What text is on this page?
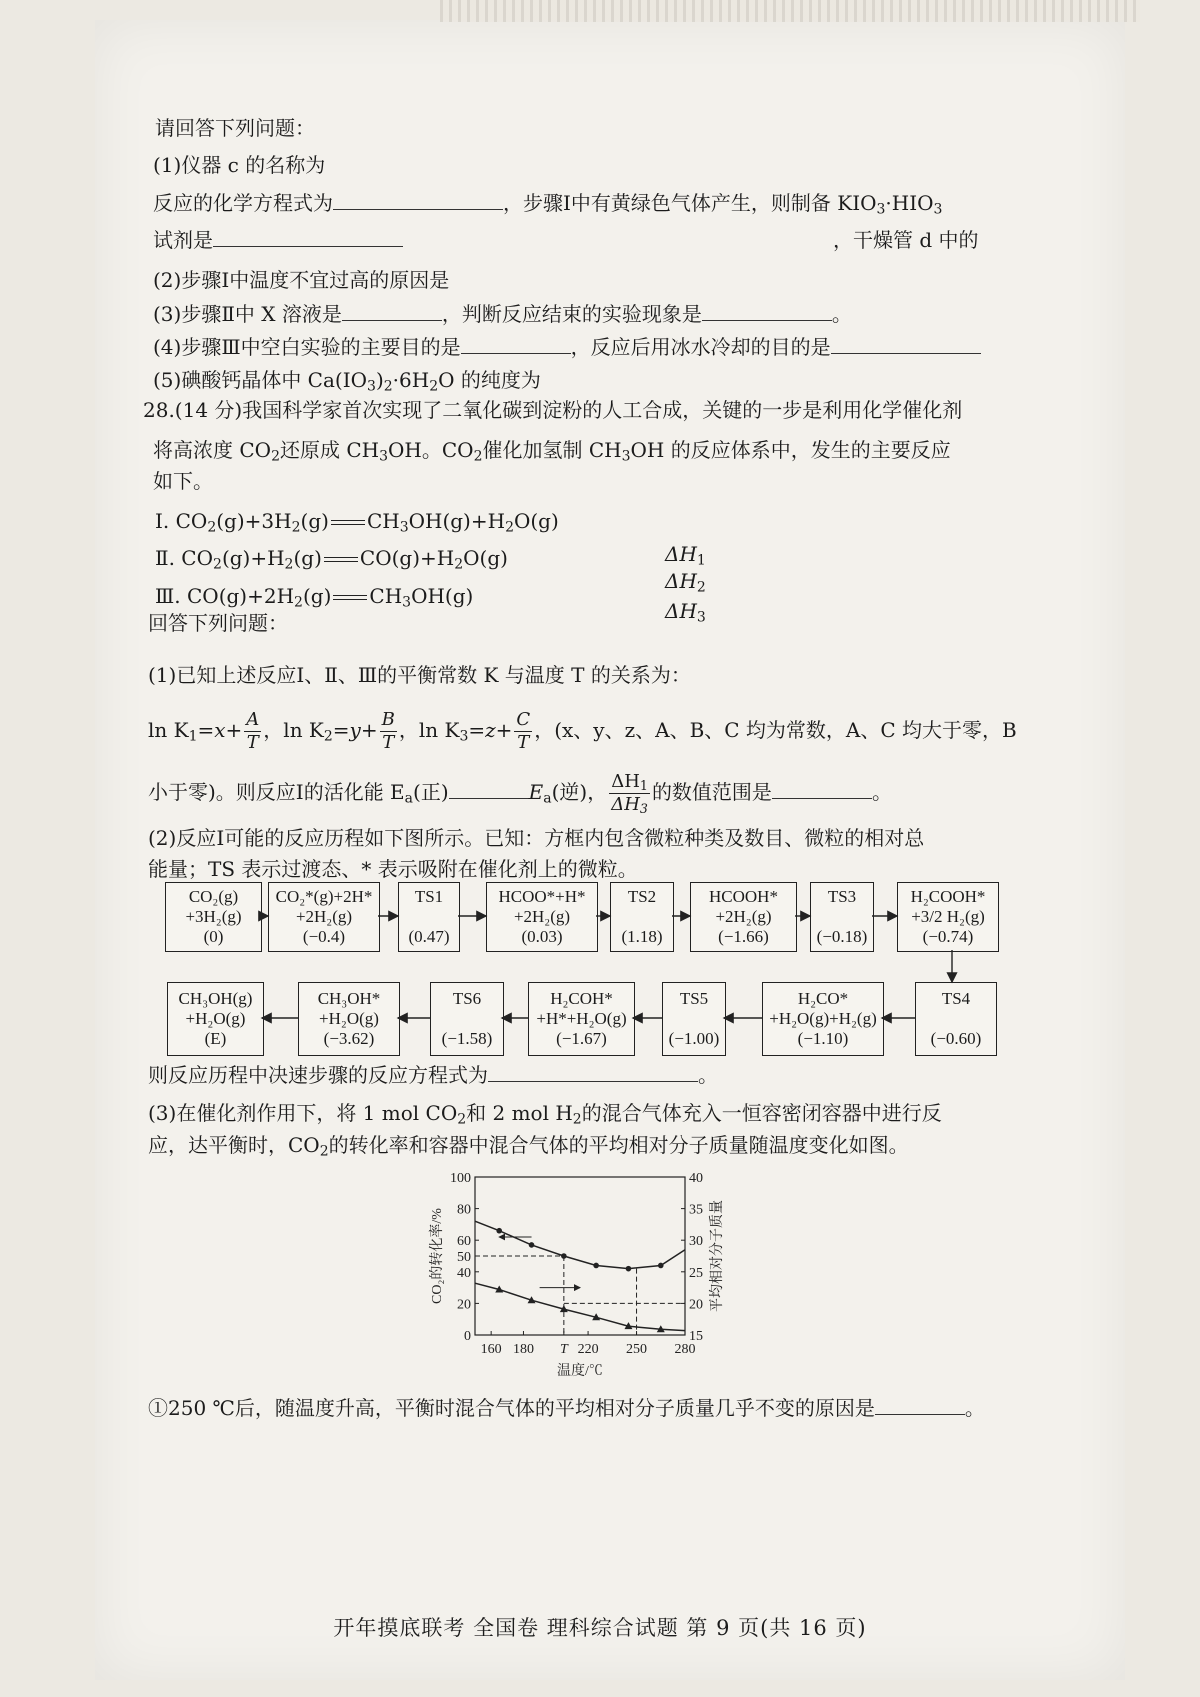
请回答下列问题：
(1)仪器 c 的名称为
反应的化学方程式为	，步骤Ⅰ中有黄绿色气体产生，则制备 $KIO_3\cdot HIO_3$
试剂是	，干燥管 d 中的
(2)步骤Ⅰ中温度不宜过高的原因是
(3)步骤Ⅱ中 X 溶液是	，判断反应结束的实验现象是	。
(4)步骤Ⅲ中空白实验的主要目的是	，反应后用冰水冷却的目的是
(5)碘酸钙晶体中 $Ca(IO_3)_2\cdot 6H_2O$ 的纯度为
28.(14 分)我国科学家首次实现了二氧化碳到淀粉的人工合成，关键的一步是利用化学催化剂
将高浓度 $CO_2$还原成 $CH_3OH$。$CO_2$催化加氢制 $CH_3OH$ 的反应体系中，发生的主要反应
如下。
Ⅰ. $CO_2(g)+3H_2(g)$ $CH_3OH(g)+H_2O(g)$
$\Delta H_1$
Ⅱ. $CO_2(g)+H_2(g)$ $CO(g)+H_2O(g)$
$\Delta H_2$
Ⅲ. $CO(g)+2H_2(g)$ $CH_3OH(g)$
$\Delta H_3$
回答下列问题：
(1)已知上述反应Ⅰ、Ⅱ、Ⅲ的平衡常数 K 与温度 T 的关系为：
$\ln K_1=x+ \frac{A}{T}$ ，$\ln K_2=y+ \frac{B}{T}$ ，$\ln K_3=z+ \frac{C}{T}$ ，(x、y、z、A、B、C 均为常数，A、C 均大于零，B
小于零)。则反应Ⅰ的活化能 $E_a$(正)	$E_a$(逆)， $\frac{\Delta H_1}{\Delta H_3}$ 的数值范围是	。
(2)反应Ⅰ可能的反应历程如下图所示。已知：方框内包含微粒种类及数目、微粒的相对总
能量；TS 表示过渡态、* 表示吸附在催化剂上的微粒。
CO₂(g)
+3H₂(g)
(0)
CO₂*(g)+2H*
+2H₂(g)
(−0.4)
TS1

(0.47)
HCOO*+H*
+2H₂(g)
(0.03)
TS2

(1.18)
HCOOH*
+2H₂(g)
(−1.66)
TS3

(−0.18)
H₂COOH*
+3/2 H₂(g)
(−0.74)
CH₃OH(g)
+H₂O(g)
(E)
CH₃OH*
+H₂O(g)
(−3.62)
TS6

(−1.58)
H₂COH*
+H*+H₂O(g)
(−1.67)
TS5

(−1.00)
H₂CO*
+H₂O(g)+H₂(g)
(−1.10)
TS4

(−0.60)
则反应历程中决速步骤的反应方程式为	。
(3)在催化剂作用下，将 1 mol $CO_2$和 2 mol $H_2$的混合气体充入一恒容密闭容器中进行反
应，达平衡时，$CO_2$的转化率和容器中混合气体的平均相对分子质量随温度变化如图。
0
20
40
50
60
80
100
15
20
25
30
35
40
160 180 T 220 250 280
温度/℃
CO₂的转化率/%	平均相对分子质量
①250 ℃后，随温度升高，平衡时混合气体的平均相对分子质量几乎不变的原因是	。
开年摸底联考 全国卷 理科综合试题 第 9 页(共 16 页)
